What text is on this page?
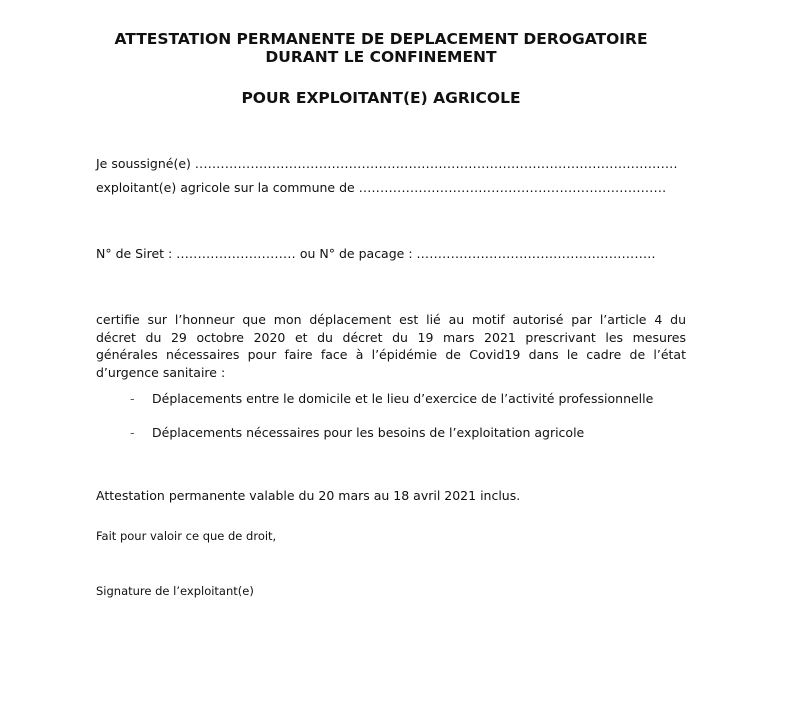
ATTESTATION PERMANENTE DE DEPLACEMENT DEROGATOIRE
DURANT LE CONFINEMENT
POUR EXPLOITANT(E) AGRICOLE
Je soussigné(e) .................................................................................................................
exploitant(e) agricole sur la commune de ........................................................................
N° de Siret : ............................ ou N° de pacage : ........................................................
certifie sur l’honneur que mon déplacement est lié au motif autorisé par l’article 4 du
décret du 29 octobre 2020 et du décret du 19 mars 2021 prescrivant les mesures
générales nécessaires pour faire face à l’épidémie de Covid19 dans le cadre de l’état
d’urgence sanitaire :
- Déplacements entre le domicile et le lieu d’exercice de l’activité professionnelle
- Déplacements nécessaires pour les besoins de l’exploitation agricole
Attestation permanente valable du 20 mars au 18 avril 2021 inclus.
Fait pour valoir ce que de droit,
Signature de l’exploitant(e)
